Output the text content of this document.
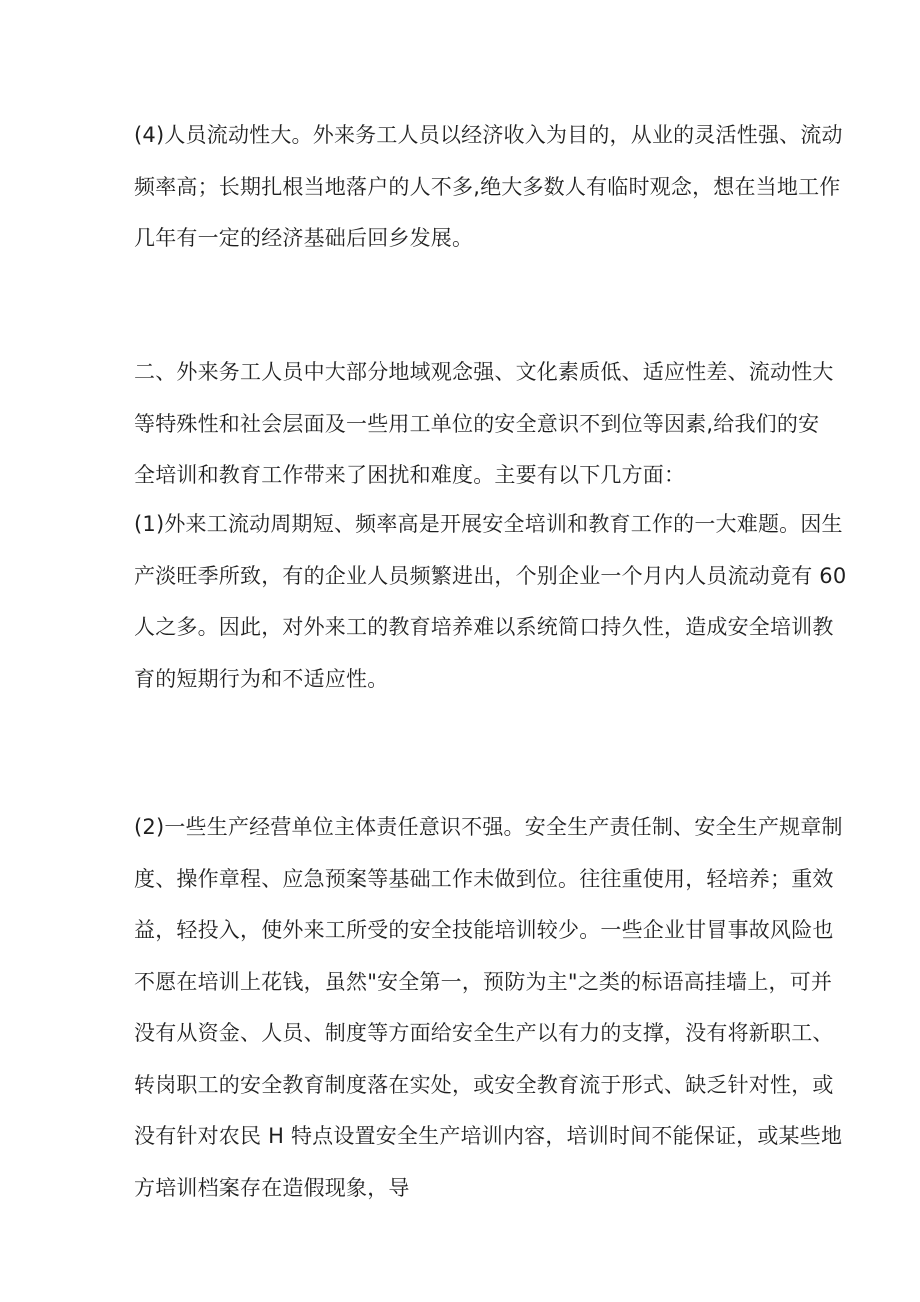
(4)人员流动性大。外来务工人员以经济收入为目的，从业的灵活性强、流动
频率高；长期扎根当地落户的人不多,绝大多数人有临时观念，想在当地工作
几年有一定的经济基础后回乡发展。

二、外来务工人员中大部分地域观念强、文化素质低、适应性差、流动性大
等特殊性和社会层面及一些用工单位的安全意识不到位等因素,给我们的安
全培训和教育工作带来了困扰和难度。主要有以下几方面：

(1)外来工流动周期短、频率高是开展安全培训和教育工作的一大难题。因生
产淡旺季所致，有的企业人员频繁进出，个别企业一个月内人员流动竟有 60
人之多。因此，对外来工的教育培养难以系统简口持久性，造成安全培训教
育的短期行为和不适应性。

(2)一些生产经营单位主体责任意识不强。安全生产责任制、安全生产规章制
度、操作章程、应急预案等基础工作未做到位。往往重使用，轻培养；重效
益，轻投入，使外来工所受的安全技能培训较少。一些企业甘冒事故风险也
不愿在培训上花钱，虽然"安全第一，预防为主"之类的标语高挂墙上，可并
没有从资金、人员、制度等方面给安全生产以有力的支撑，没有将新职工、
转岗职工的安全教育制度落在实处，或安全教育流于形式、缺乏针对性，或
没有针对农民 H 特点设置安全生产培训内容，培训时间不能保证，或某些地
方培训档案存在造假现象，导
